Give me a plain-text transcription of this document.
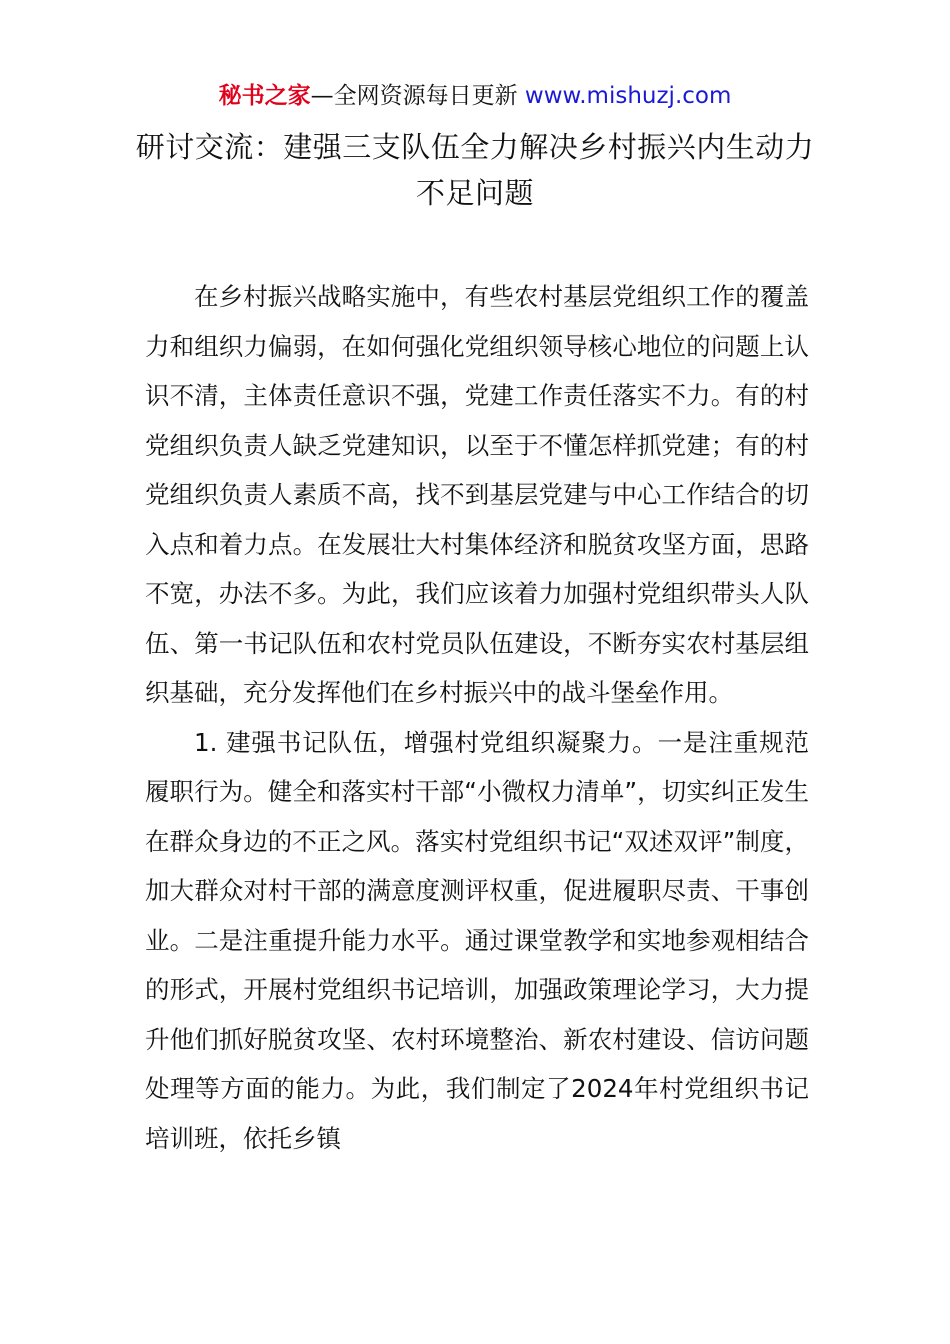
秘书之家—全网资源每日更新 www.mishuzj.com
研讨交流：建强三支队伍全力解决乡村振兴内生动力不足问题

在乡村振兴战略实施中，有些农村基层党组织工作的覆盖力和组织力偏弱，在如何强化党组织领导核心地位的问题上认识不清，主体责任意识不强，党建工作责任落实不力。有的村党组织负责人缺乏党建知识，以至于不懂怎样抓党建；有的村党组织负责人素质不高，找不到基层党建与中心工作结合的切入点和着力点。在发展壮大村集体经济和脱贫攻坚方面，思路不宽，办法不多。为此，我们应该着力加强村党组织带头人队伍、第一书记队伍和农村党员队伍建设，不断夯实农村基层组织基础，充分发挥他们在乡村振兴中的战斗堡垒作用。

1. 建强书记队伍，增强村党组织凝聚力。一是注重规范履职行为。健全和落实村干部“小微权力清单”，切实纠正发生在群众身边的不正之风。落实村党组织书记“双述双评”制度，加大群众对村干部的满意度测评权重，促进履职尽责、干事创业。二是注重提升能力水平。通过课堂教学和实地参观相结合的形式，开展村党组织书记培训，加强政策理论学习，大力提升他们抓好脱贫攻坚、农村环境整治、新农村建设、信访问题处理等方面的能力。为此，我们制定了2024年村党组织书记培训班，依托乡镇
